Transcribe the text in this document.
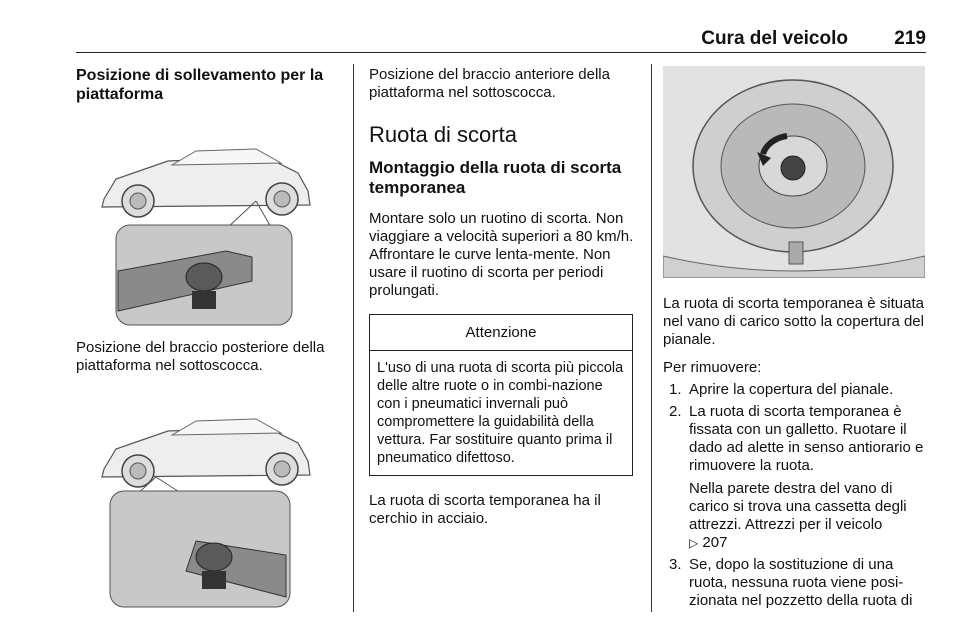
Cura del veicolo 219

Posizione di sollevamento per la piattaforma

Posizione del braccio posteriore della piattaforma nel sottoscocca.

Posizione del braccio anteriore della piattaforma nel sottoscocca.

Ruota di scorta

Montaggio della ruota di scorta temporanea

Montare solo un ruotino di scorta. Non viaggiare a velocità superiori a 80 km/h. Affrontare le curve lenta-mente. Non usare il ruotino di scorta per periodi prolungati.

Attenzione
L'uso di una ruota di scorta più piccola delle altre ruote o in combi-nazione con i pneumatici invernali può compromettere la guidabilità della vettura. Far sostituire quanto prima il pneumatico difettoso.

La ruota di scorta temporanea ha il cerchio in acciaio.

La ruota di scorta temporanea è situata nel vano di carico sotto la copertura del pianale.

Per rimuovere:

1. Aprire la copertura del pianale.
2. La ruota di scorta temporanea è fissata con un galletto. Ruotare il dado ad alette in senso antiorario e rimuovere la ruota.
Nella parete destra del vano di carico si trova una cassetta degli attrezzi. Attrezzi per il veicolo
▷ 207
3. Se, dopo la sostituzione di una ruota, nessuna ruota viene posi-zionata nel pozzetto della ruota di
